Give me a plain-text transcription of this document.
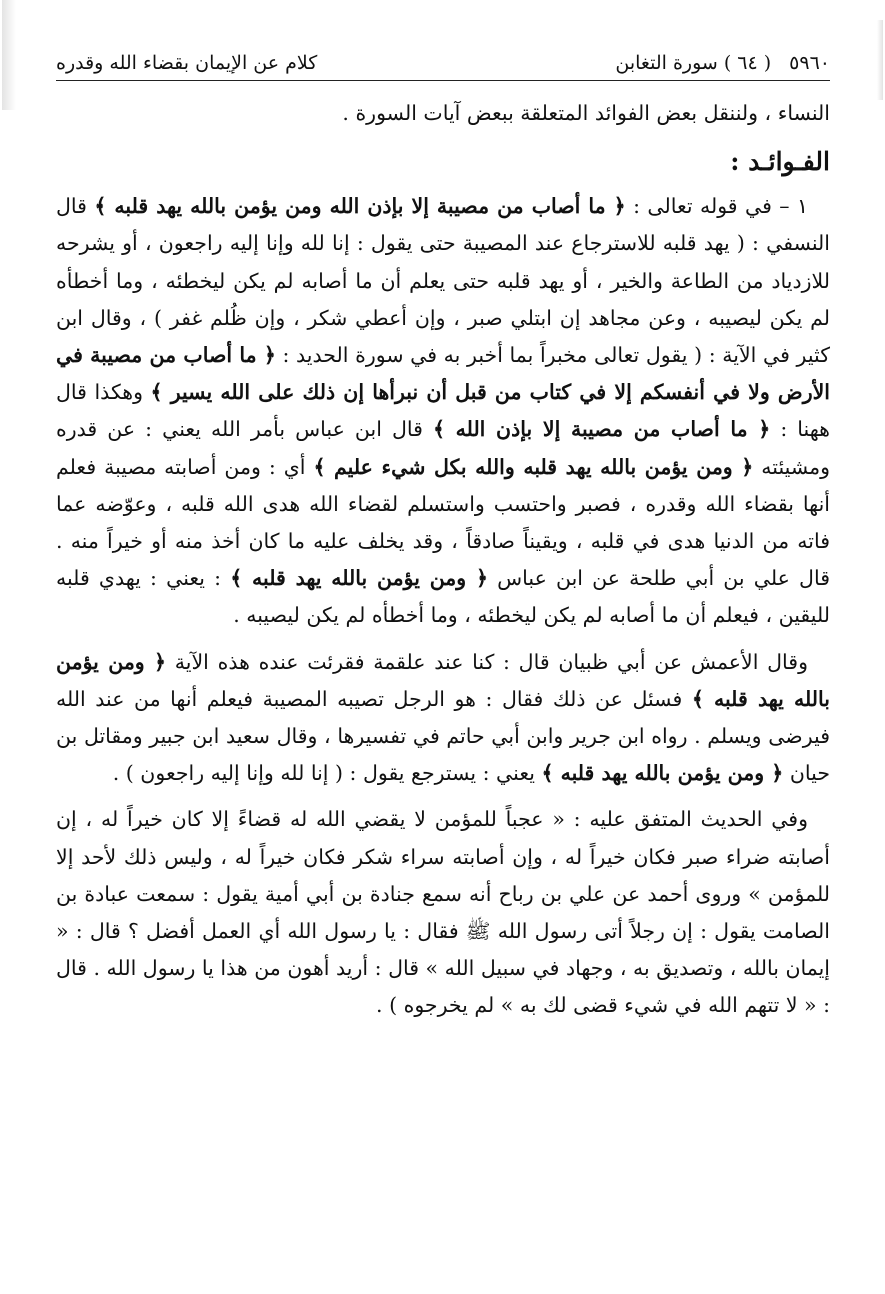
٥٩٦٠
( ٦٤ ) سورة التغابن
كلام عن الإيمان بقضاء الله وقدره

النساء ، ولننقل بعض الفوائد المتعلقة ببعض آيات السورة .

الفـوائـد :

١ – في قوله تعالى : ﴿ ما أصاب من مصيبة إلا بإذن الله ومن يؤمن بالله يهد قلبه ﴾ قال النسفي : ( يهد قلبه للاسترجاع عند المصيبة حتى يقول : إنا لله وإنا إليه راجعون ، أو يشرحه للازدياد من الطاعة والخير ، أو يهد قلبه حتى يعلم أن ما أصابه لم يكن ليخطئه ، وما أخطأه لم يكن ليصيبه ، وعن مجاهد إن ابتلي صبر ، وإن أعطي شكر ، وإن ظُلم غفر ) ، وقال ابن كثير في الآية : ( يقول تعالى مخبراً بما أخبر به في سورة الحديد : ﴿ ما أصاب من مصيبة في الأرض ولا في أنفسكم إلا في كتاب من قبل أن نبرأها إن ذلك على الله يسير ﴾ وهكذا قال ههنا : ﴿ ما أصاب من مصيبة إلا بإذن الله ﴾ قال ابن عباس بأمر الله يعني : عن قدره ومشيئته ﴿ ومن يؤمن بالله يهد قلبه والله بكل شيء عليم ﴾ أي : ومن أصابته مصيبة فعلم أنها بقضاء الله وقدره ، فصبر واحتسب واستسلم لقضاء الله هدى الله قلبه ، وعوّضه عما فاته من الدنيا هدى في قلبه ، ويقيناً صادقاً ، وقد يخلف عليه ما كان أخذ منه أو خيراً منه . قال علي بن أبي طلحة عن ابن عباس ﴿ ومن يؤمن بالله يهد قلبه ﴾ : يعني : يهدي قلبه لليقين ، فيعلم أن ما أصابه لم يكن ليخطئه ، وما أخطأه لم يكن ليصيبه .

وقال الأعمش عن أبي ظبيان قال : كنا عند علقمة فقرئت عنده هذه الآية ﴿ ومن يؤمن بالله يهد قلبه ﴾ فسئل عن ذلك فقال : هو الرجل تصيبه المصيبة فيعلم أنها من عند الله فيرضى ويسلم . رواه ابن جرير وابن أبي حاتم في تفسيرها ، وقال سعيد ابن جبير ومقاتل بن حيان ﴿ ومن يؤمن بالله يهد قلبه ﴾ يعني : يسترجع يقول : ( إنا لله وإنا إليه راجعون ) .

وفي الحديث المتفق عليه : « عجباً للمؤمن لا يقضي الله له قضاءً إلا كان خيراً له ، إن أصابته ضراء صبر فكان خيراً له ، وإن أصابته سراء شكر فكان خيراً له ، وليس ذلك لأحد إلا للمؤمن » وروى أحمد عن علي بن رباح أنه سمع جنادة بن أبي أمية يقول : سمعت عبادة بن الصامت يقول : إن رجلاً أتى رسول الله ﷺ فقال : يا رسول الله أي العمل أفضل ؟ قال : « إيمان بالله ، وتصديق به ، وجهاد في سبيل الله » قال : أريد أهون من هذا يا رسول الله . قال : « لا تتهم الله في شيء قضى لك به » لم يخرجوه ) .
